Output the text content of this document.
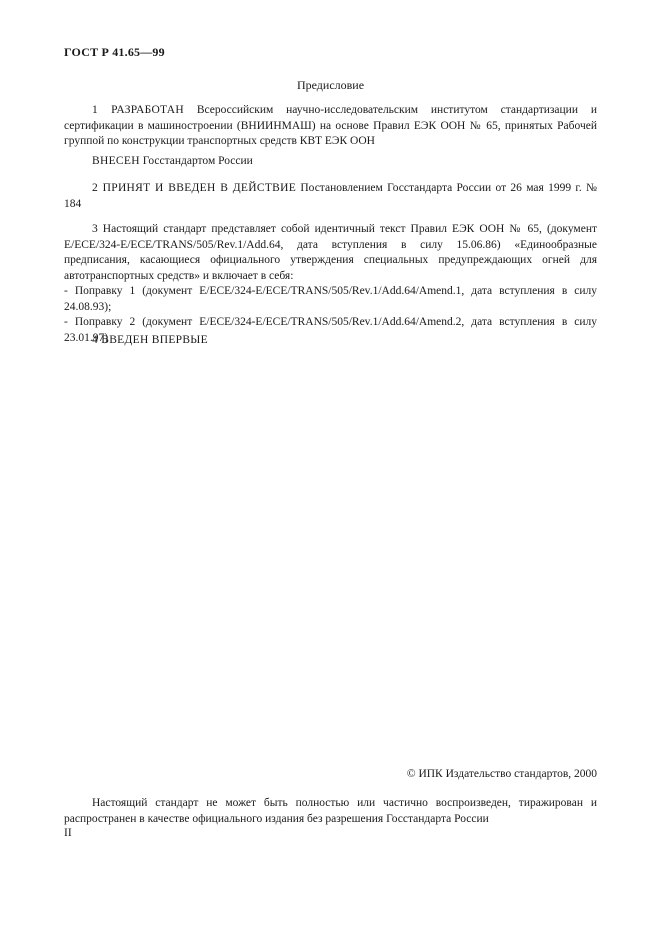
ГОСТ Р 41.65—99
Предисловие
1 РАЗРАБОТАН Всероссийским научно-исследовательским институтом стандартизации и сертификации в машиностроении (ВНИИНМАШ) на основе Правил ЕЭК ООН № 65, принятых Рабочей группой по конструкции транспортных средств КВТ ЕЭК ООН
ВНЕСЕН Госстандартом России
2 ПРИНЯТ И ВВЕДЕН В ДЕЙСТВИЕ Постановлением Госстандарта России от 26 мая 1999 г. № 184
3 Настоящий стандарт представляет собой идентичный текст Правил ЕЭК ООН № 65, (документ E/ECE/324-E/ECE/TRANS/505/Rev.1/Add.64, дата вступления в силу 15.06.86) «Единообразные предписания, касающиеся официального утверждения специальных предупреждающих огней для автотранспортных средств» и включает в себя:
- Поправку 1 (документ E/ECE/324-E/ECE/TRANS/505/Rev.1/Add.64/Amend.1, дата вступления в силу 24.08.93);
- Поправку 2 (документ E/ECE/324-E/ECE/TRANS/505/Rev.1/Add.64/Amend.2, дата вступления в силу 23.01.97)
4 ВВЕДЕН ВПЕРВЫЕ
© ИПК Издательство стандартов, 2000
Настоящий стандарт не может быть полностью или частично воспроизведен, тиражирован и распространен в качестве официального издания без разрешения Госстандарта России
II
